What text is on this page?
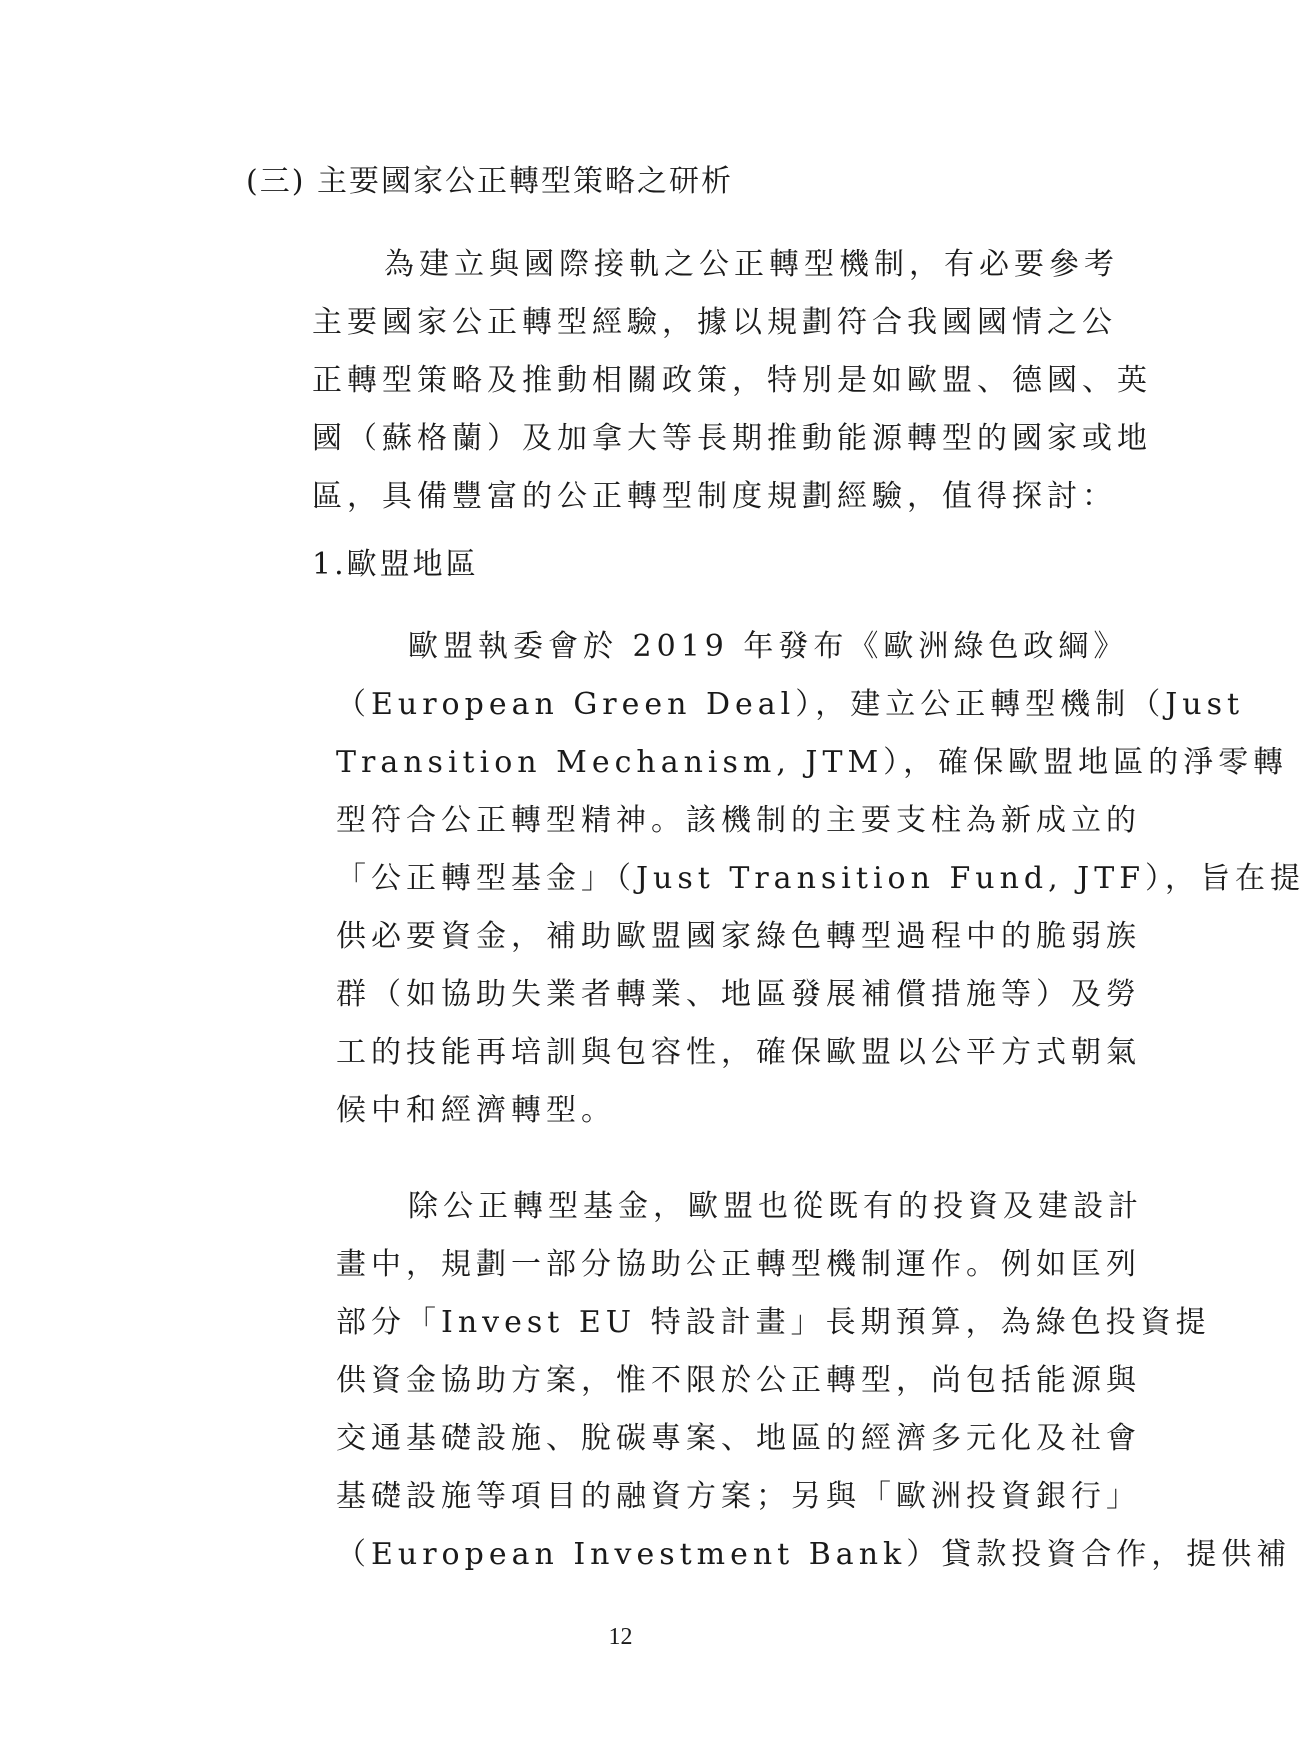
(三) 主要國家公正轉型策略之研析
為建立與國際接軌之公正轉型機制，有必要參考
主要國家公正轉型經驗，據以規劃符合我國國情之公
正轉型策略及推動相關政策，特別是如歐盟、德國、英
國（蘇格蘭）及加拿大等長期推動能源轉型的國家或地
區，具備豐富的公正轉型制度規劃經驗，值得探討：
1.歐盟地區
歐盟執委會於 2019 年發布《歐洲綠色政綱》
（European Green Deal），建立公正轉型機制（Just
Transition Mechanism, JTM），確保歐盟地區的淨零轉
型符合公正轉型精神。該機制的主要支柱為新成立的
「公正轉型基金」（Just Transition Fund, JTF），旨在提
供必要資金，補助歐盟國家綠色轉型過程中的脆弱族
群（如協助失業者轉業、地區發展補償措施等）及勞
工的技能再培訓與包容性，確保歐盟以公平方式朝氣
候中和經濟轉型。
除公正轉型基金，歐盟也從既有的投資及建設計
畫中，規劃一部分協助公正轉型機制運作。例如匡列
部分「Invest EU 特設計畫」長期預算，為綠色投資提
供資金協助方案，惟不限於公正轉型，尚包括能源與
交通基礎設施、脫碳專案、地區的經濟多元化及社會
基礎設施等項目的融資方案；另與「歐洲投資銀行」
（European Investment Bank）貸款投資合作，提供補
12
